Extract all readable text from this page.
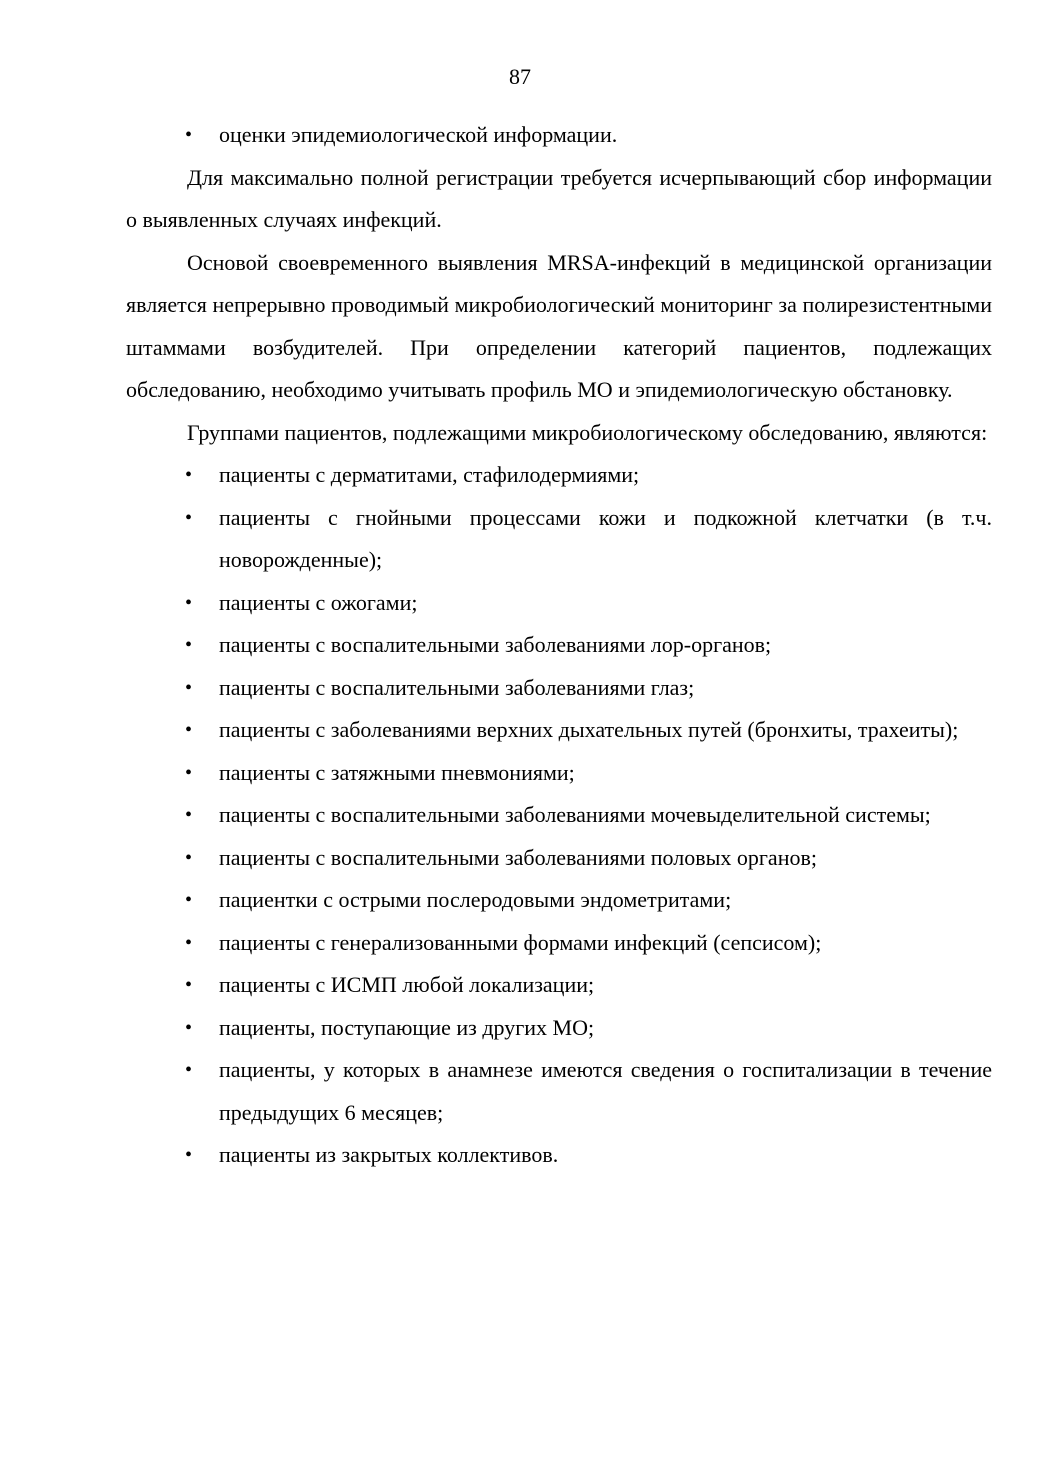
87
• оценки эпидемиологической информации.

Для максимально полной регистрации требуется исчерпывающий сбор информации о выявленных случаях инфекций.

Основой своевременного выявления MRSA-инфекций в медицинской организации является непрерывно проводимый микробиологический мониторинг за полирезистентными штаммами возбудителей. При определении категорий пациентов, подлежащих обследованию, необходимо учитывать профиль МО и эпидемиологическую обстановку.

Группами пациентов, подлежащими микробиологическому обследованию, являются:

• пациенты с дерматитами, стафилодермиями;
• пациенты с гнойными процессами кожи и подкожной клетчатки (в т.ч. новорожденные);
• пациенты с ожогами;
• пациенты с воспалительными заболеваниями лор-органов;
• пациенты с воспалительными заболеваниями глаз;
• пациенты с заболеваниями верхних дыхательных путей (бронхиты, трахеиты);
• пациенты с затяжными пневмониями;
• пациенты с воспалительными заболеваниями мочевыделительной системы;
• пациенты с воспалительными заболеваниями половых органов;
• пациентки с острыми послеродовыми эндометритами;
• пациенты с генерализованными формами инфекций (сепсисом);
• пациенты с ИСМП любой локализации;
• пациенты, поступающие из других МО;
• пациенты, у которых в анамнезе имеются сведения о госпитализации в течение предыдущих 6 месяцев;
• пациенты из закрытых коллективов.
